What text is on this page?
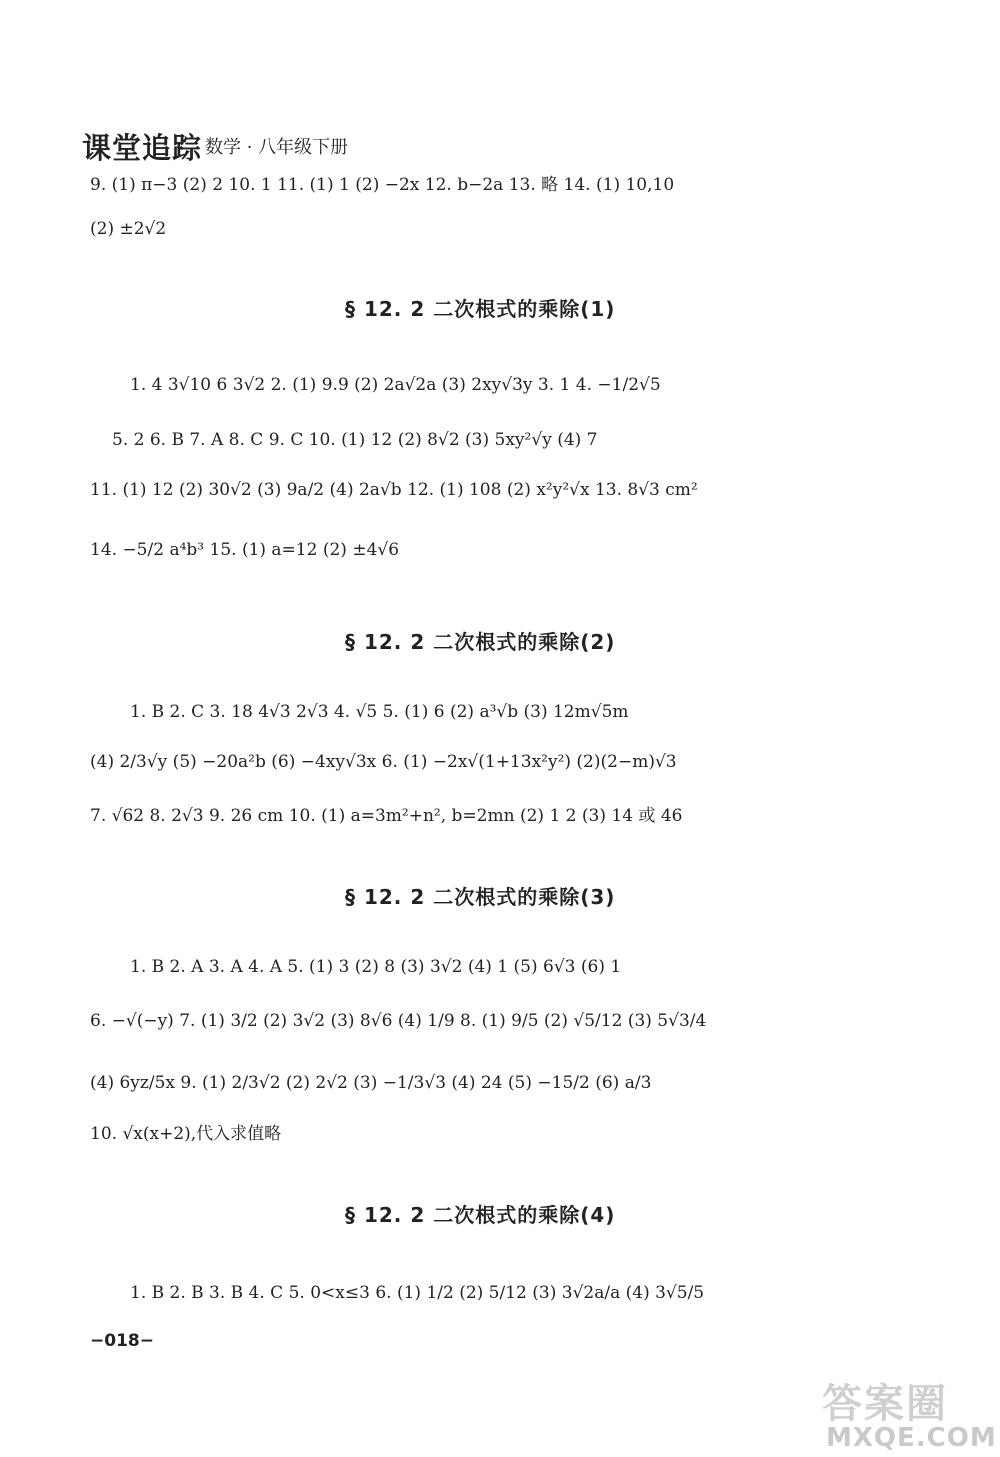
课堂追踪 数学 · 八年级下册
9. (1) π−3 (2) 2 10. 1 11. (1) 1 (2) −2x 12. b−2a 13. 略 14. (1) 10,10
(2) ±2√2
§ 12. 2 二次根式的乘除(1)
1. 4 3√10 6 3√2 2. (1) 9.9 (2) 2a√2a (3) 2xy√3y 3. 1 4. −1/2√5
5. 2 6. B 7. A 8. C 9. C 10. (1) 12 (2) 8√2 (3) 5xy²√y (4) 7
11. (1) 12 (2) 30√2 (3) 9a/2 (4) 2a√b 12. (1) 108 (2) x²y²√x 13. 8√3 cm²
14. −5/2 a⁴b³ 15. (1) a=12 (2) ±4√6
§ 12. 2 二次根式的乘除(2)
1. B 2. C 3. 18 4√3 2√3 4. √5 5. (1) 6 (2) a³√b (3) 12m√5m
(4) 2/3√y (5) −20a²b (6) −4xy√3x 6. (1) −2x√(1+13x²y²) (2)(2−m)√3
7. √62 8. 2√3 9. 26 cm 10. (1) a=3m²+n², b=2mn (2) 1 2 (3) 14 或 46
§ 12. 2 二次根式的乘除(3)
1. B 2. A 3. A 4. A 5. (1) 3 (2) 8 (3) 3√2 (4) 1 (5) 6√3 (6) 1
6. −√(−y) 7. (1) 3/2 (2) 3√2 (3) 8√6 (4) 1/9 8. (1) 9/5 (2) √5/12 (3) 5√3/4
(4) 6yz/5x 9. (1) 2/3√2 (2) 2√2 (3) −1/3√3 (4) 24 (5) −15/2 (6) a/3
10. √x(x+2),代入求值略
§ 12. 2 二次根式的乘除(4)
1. B 2. B 3. B 4. C 5. 0<x≤3 6. (1) 1/2 (2) 5/12 (3) 3√2a/a (4) 3√5/5
−018−
答案圈
MXQE.COM
